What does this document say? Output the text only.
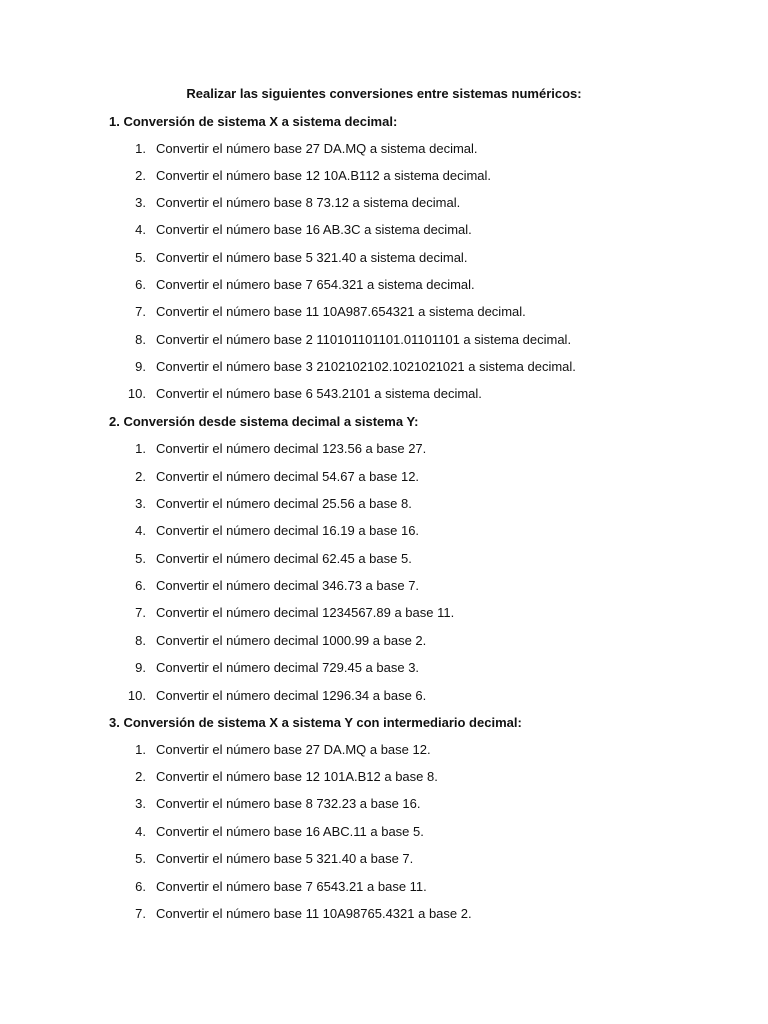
Realizar las siguientes conversiones entre sistemas numéricos:
1. Conversión de sistema X a sistema decimal:
1. Convertir el número base 27 DA.MQ a sistema decimal.
2. Convertir el número base 12 10A.B112 a sistema decimal.
3. Convertir el número base 8 73.12 a sistema decimal.
4. Convertir el número base 16 AB.3C a sistema decimal.
5. Convertir el número base 5 321.40 a sistema decimal.
6. Convertir el número base 7 654.321 a sistema decimal.
7. Convertir el número base 11 10A987.654321 a sistema decimal.
8. Convertir el número base 2 110101101101.01101101 a sistema decimal.
9. Convertir el número base 3 2102102102.1021021021 a sistema decimal.
10. Convertir el número base 6 543.2101 a sistema decimal.
2. Conversión desde sistema decimal a sistema Y:
1. Convertir el número decimal 123.56 a base 27.
2. Convertir el número decimal 54.67 a base 12.
3. Convertir el número decimal 25.56 a base 8.
4. Convertir el número decimal 16.19 a base 16.
5. Convertir el número decimal 62.45 a base 5.
6. Convertir el número decimal 346.73 a base 7.
7. Convertir el número decimal 1234567.89 a base 11.
8. Convertir el número decimal 1000.99 a base 2.
9. Convertir el número decimal 729.45 a base 3.
10. Convertir el número decimal 1296.34 a base 6.
3. Conversión de sistema X a sistema Y con intermediario decimal:
1. Convertir el número base 27 DA.MQ a base 12.
2. Convertir el número base 12 101A.B12 a base 8.
3. Convertir el número base 8 732.23 a base 16.
4. Convertir el número base 16 ABC.11 a base 5.
5. Convertir el número base 5 321.40 a base 7.
6. Convertir el número base 7 6543.21 a base 11.
7. Convertir el número base 11 10A98765.4321 a base 2.
